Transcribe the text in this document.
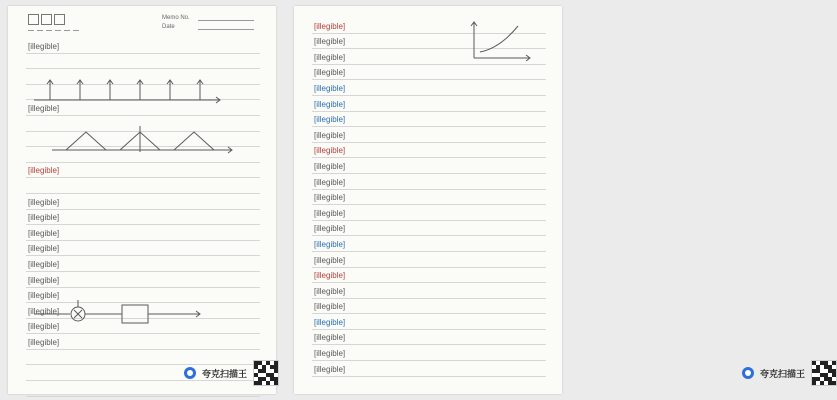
Memo No.
Date
[illegible]
[illegible]
[illegible]
[illegible]
[illegible]
[illegible]
[illegible]
[illegible]
[illegible]
[illegible]
[illegible]
[illegible]
[illegible]
夸克扫描王
[illegible]
[illegible]
[illegible]
[illegible]
[illegible]
[illegible]
[illegible]
[illegible]
[illegible]
[illegible]
[illegible]
[illegible]
[illegible]
[illegible]
[illegible]
[illegible]
[illegible]
[illegible]
[illegible]
[illegible]
[illegible]
[illegible]
[illegible]	夸克扫描王
